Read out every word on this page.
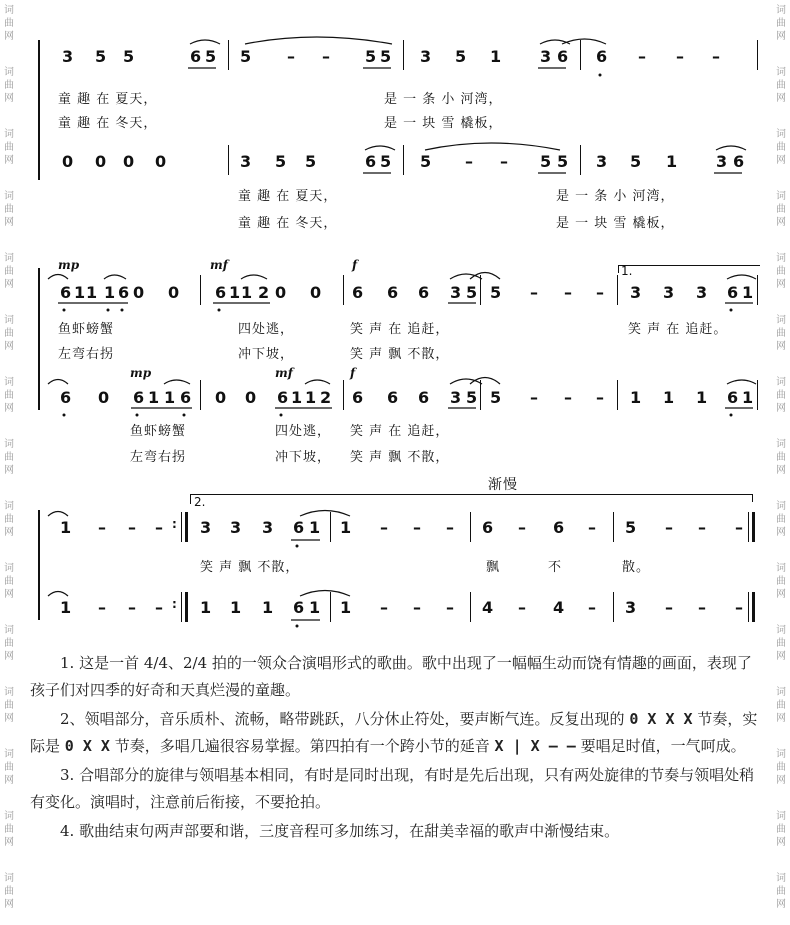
词
曲
网
词
曲
网
词
曲
网
词
曲
网
词
曲
网
词
曲
网
词
曲
网
词
曲
网
词
曲
网
词
曲
网
词
曲
网
词
曲
网
词
曲
网
词
曲
网
词
曲
网
词
曲
网
词
曲
网
词
曲
网
词
曲
网
词
曲
网
词
曲
网
词
曲
网
词
曲
网
词
曲
网
词
曲
网
词
曲
网
词
曲
网
词
曲
网
词
曲
网
词
曲
网
3 5 5	6 5 5 – – 5 5 3 5 1 3 6 6 – – –
童 趣 在 夏天，	是 一 条 小 河湾，
童 趣 在 冬天，	是 一 块 雪 橇板，
0 0 0 0	3 5 5	6 5 5 – – 5 5 3 5 1 3 6
童 趣 在 夏天，	是 一 条 小 河湾，
童 趣 在 冬天，	是 一 块 雪 橇板，
mp	mf	f	1.
6 1 1 1 6 0 0 6 1 1 2 0 0 6 6 6 3 5 5 – – – 3 3 3 6 1
鱼虾螃蟹	四处逃，	笑 声 在 追赶，	笑 声 在 追赶。
左弯右拐	冲下坡，	笑 声 飘 不散，
mp	mf	f
6 0 6 1 1 6 0 0 6 1 1 2 6 6 6 3 5 5 – – – 1 1 1 6 1
鱼虾螃蟹	四处逃， 笑 声 在 追赶，
左弯右拐	冲下坡， 笑 声 飘 不散，
渐慢
2.
:
1 – – – 3 3 3 6 1 1 – – – 6 – 6 – 5 – – –
笑 声 飘 不散，	飘	不	散。
:
1 – – – 1 1 1 6 1 1 – – – 4 – 4 – 3 – – –

1. 这是一首 4/4、2/4 拍的一领众合演唱形式的歌曲。歌中出现了一幅幅生动而饶有情趣的画面，表现了孩子们对四季的好奇和天真烂漫的童趣。

2、领唱部分，音乐质朴、流畅，略带跳跃，八分休止符处，要声断气连。反复出现的 0 X X X 节奏，实际是 0 X X 节奏，多唱几遍很容易掌握。第四拍有一个跨小节的延音 X | X – – 要唱足时值，一气呵成。

3. 合唱部分的旋律与领唱基本相同，有时是同时出现，有时是先后出现，只有两处旋律的节奏与领唱处稍有变化。演唱时，注意前后衔接，不要抢拍。

4. 歌曲结束句两声部要和谐，三度音程可多加练习，在甜美幸福的歌声中渐慢结束。
